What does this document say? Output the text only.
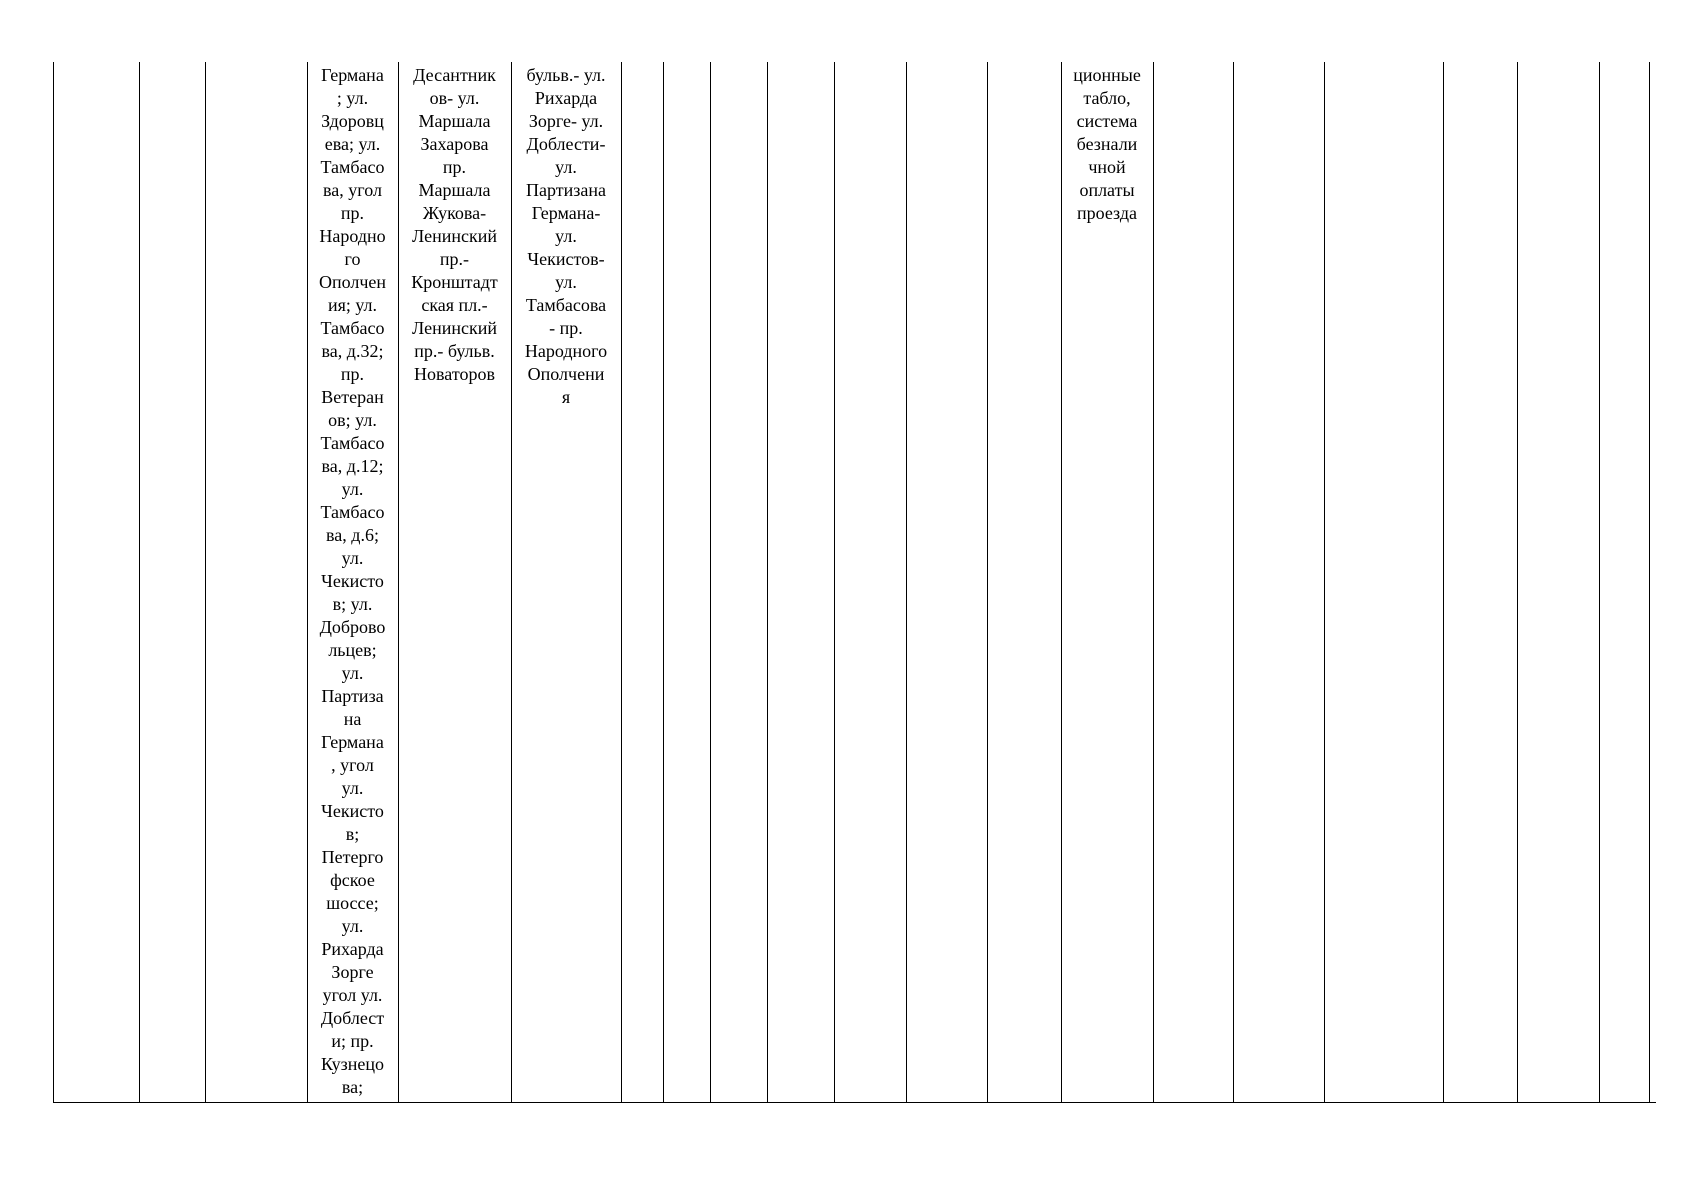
Германа
; ул.
Здоровц
ева; ул.
Тамбасо
ва, угол
пр.
Народно
го
Ополчен
ия; ул.
Тамбасо
ва, д.32;
пр.
Ветеран
ов; ул.
Тамбасо
ва, д.12;
ул.
Тамбасо
ва, д.6;
ул.
Чекисто
в; ул.
Доброво
льцев;
ул.
Партиза
на
Германа
, угол
ул.
Чекисто
в;
Петерго
фское
шоссе;
ул.
Рихарда
Зорге
угол ул.
Доблест
и; пр.
Кузнецо
ва;

Десантник
ов- ул.
Маршала
Захарова
пр.
Маршала
Жукова-
Ленинский
пр.-
Кронштадт
ская пл.-
Ленинский
пр.- бульв.
Новаторов

бульв.- ул.
Рихарда
Зорге- ул.
Доблести-
ул.
Партизана
Германа-
ул.
Чекистов-
ул.
Тамбасова
- пр.
Народного
Ополчени
я

ционные
табло,
система
безнали
чной
оплаты
проезда
